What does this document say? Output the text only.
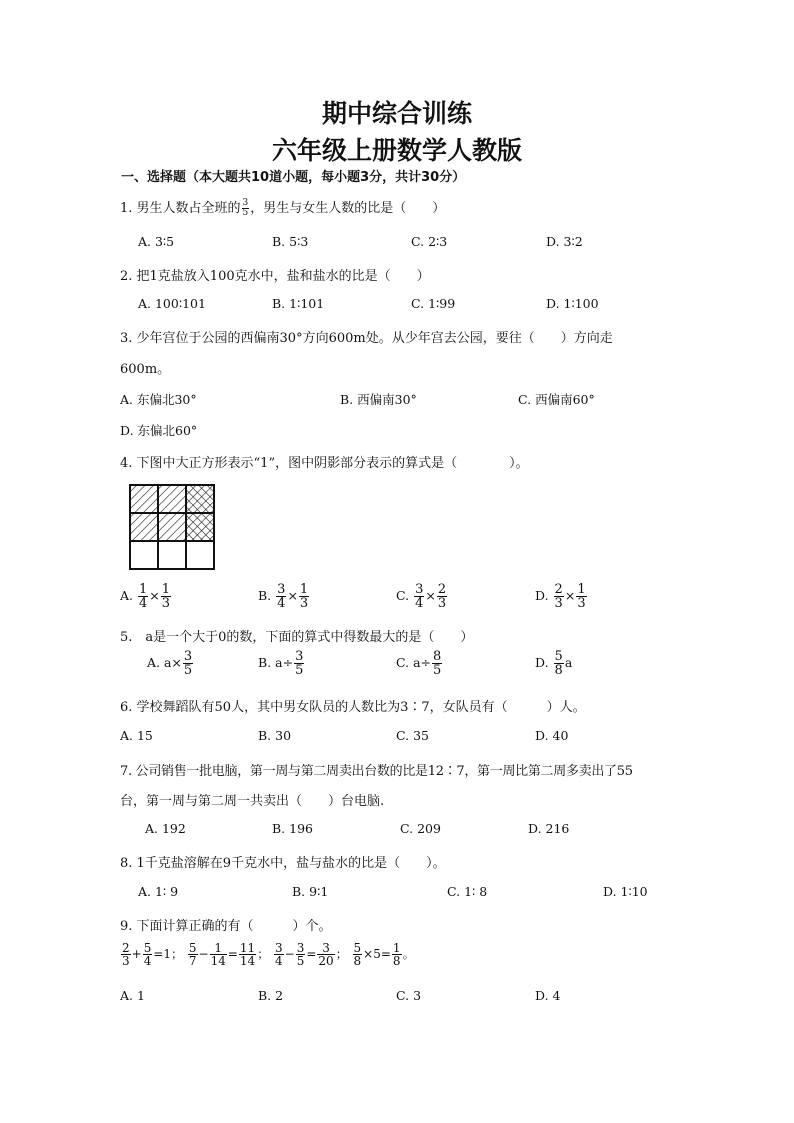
期中综合训练
六年级上册数学人教版
一、选择题（本大题共10道小题，每小题3分，共计30分）
1. 男生人数占全班的 $\frac{3}{5}$ ，男生与女生人数的比是（　　）
A. 3∶5	B. 5∶3	C. 2∶3	D. 3∶2
2. 把1克盐放入100克水中，盐和盐水的比是（　　）
A. 100∶101	B. 1∶101	C. 1∶99	D. 1∶100
3. 少年宫位于公园的西偏南30°方向600m处。从少年宫去公园，要往（　　）方向走
600m。
A. 东偏北30°	B. 西偏南30°	C. 西偏南60°
D. 东偏北60°
4. 下图中大正方形表示“1”，图中阴影部分表示的算式是（　　　　）。
A. $\frac{1}{4} \times \frac{1}{3}$	B. $\frac{3}{4} \times \frac{1}{3}$	C. $\frac{3}{4} \times \frac{2}{3}$	D. $\frac{2}{3} \times \frac{1}{3}$
5.　a是一个大于0的数，下面的算式中得数最大的是（　　）
A. $a\times \frac{3}{5}$	B. $a\div \frac{3}{5}$	C. $a\div \frac{8}{5}$	D. $\frac{5}{8}$ a
6. 学校舞蹈队有50人，其中男女队员的人数比为3∶7，女队员有（　　　）人。
A. 15	B. 30	C. 35	D. 40
7. 公司销售一批电脑，第一周与第二周卖出台数的比是12∶7，第一周比第二周多卖出了55
台，第一周与第二周一共卖出（　　）台电脑.
A. 192	B. 196	C. 209	D. 216
8. 1千克盐溶解在9千克水中，盐与盐水的比是（　　）。
A. 1∶ 9	B. 9∶1	C. 1∶ 8	D. 1∶10
9. 下面计算正确的有（　　　）个。
$\frac{2}{3} + \frac{5}{4} =1$； $\frac{5}{7} - \frac{1}{14} = \frac{11}{14}$ ； $\frac{3}{4} - \frac{3}{5} = \frac{3}{20}$ ； $\frac{5}{8} \times 5= \frac{1}{8}$ 。
A. 1	B. 2	C. 3	D. 4
